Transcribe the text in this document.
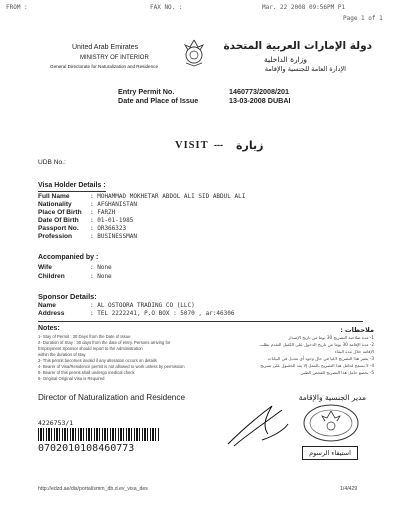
FROM :	FAX NO. :	Mar. 22 2008 09:56PM P1
Page 1 of 1
United Arab Emirates
MINISTRY OF INTERIOR
General Directorate for Naturalization and Residence
دولة الإمارات العربية المتحدة
وزارة الداخلية
الإدارة العامة للجنسية والإقامة
Entry Permit No.	1460773/2008/201
Date and Place of Issue	13-03-2008 DUBAI
VISIT --- زيارة
UDB No.:
Visa Holder Details :
Full Name	: MOHAMMAD MOKHETAR ABDOL ALI SID ABDUL ALI
Nationality	: AFGHANISTAN
Place Of Birth : FARZH
Date Of Birth : 01-01-1985
Passport No. : OR366323
Profession	: BUSINESSMAN
Accompanied by :
Wife	: None
Children	: None
Sponsor Details:
Name	: AL OSTOORA TRADING CO (LLC)
Address	: TEL 2222241, P.O BOX : 5070 , ar:46306
Notes:
1- Stay of Permit : 30 Days from the Date of Issue
2- Duration of Stay : 30 days from the date of entry. Persons arriving for
Employment Sponsor should report to the Administration
within the duration of stay.
3- This permit becomes invalid if any alteration occurs on details
4- Bearer of Visa/Residence permit is not allowed to work unless by permission
5- Bearer of this permit shall undergo medical check
6- Original Original Visa is Required
ملاحظات :
1- مدة صلاحية التصريح 30 يوما من تاريخ الإصدار
2- مدة الإقامة 30 يوما من تاريخ الدخول على الكفيل التقدم بطلب
الإقامة خلال مدة البقاء
3- يعتبر هذا التصريح لاغيا في حال وجود أي تعديل في البيانات
4- لا يسمح لحامل هذا التصريح بالعمل إلا بعد الحصول على تصريح
5- يخضع حامل هذا التصريح للفحص الطبي
Director of Naturalization and Residence	مدير الجنسية والإقامة
4226753/1
0702010108460773	استيفاء الرسوم
http://edzd.ae/dis/portal/smm_db.d.ev_visa_des	1/4/429
